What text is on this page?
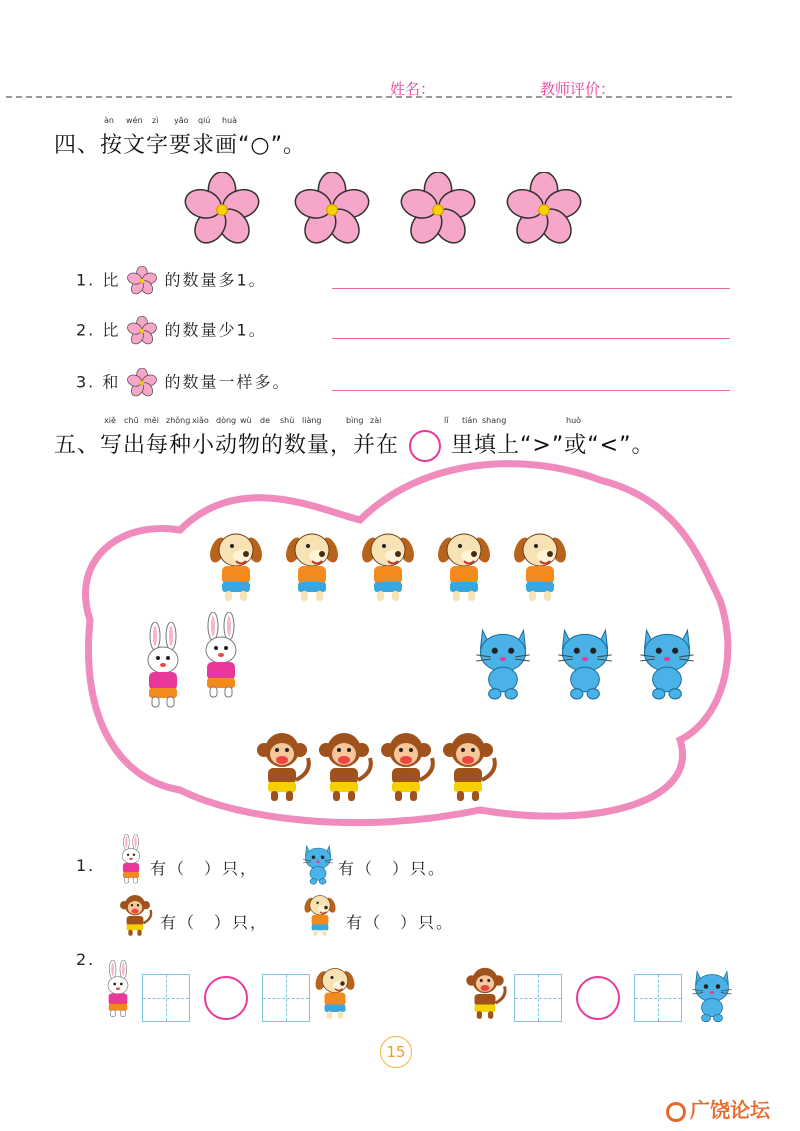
姓名：	教师评价：
àn wén zì yāo qiú huà
四、按文字要求画“○”。
1. 比	的数量多1。
2. 比	的数量少1。
3. 和	的数量一样多。
xiě chū měi zhǒng xiǎo dòng wù de shù liàng	bìng zài	lǐ tián shang	huò
五、写出每种小动物的数量，并在 里填上“>”或“<”。
1.	有（　）只，	有（　）只。
有（　）只，	有（　）只。
2.
15
广饶论坛
